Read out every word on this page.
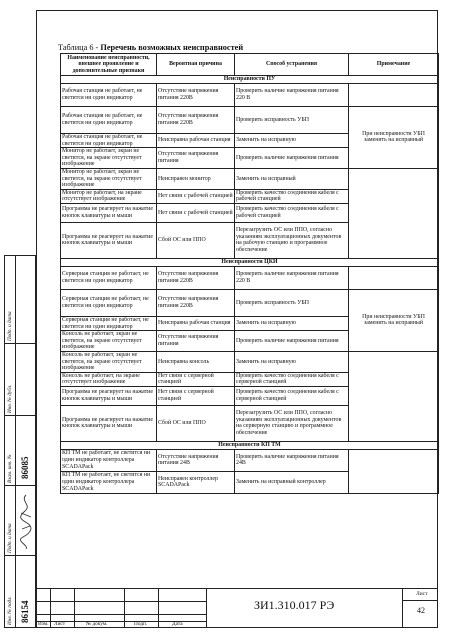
Таблица 6 - Перечень возможных неисправностей
Наименование неисправности, внешнее проявление и дополнительные признаки	Вероятная причина	Способ устранения	Примечание
Неисправности ПУ			
Рабочая станция не работает, не светится ни один индикатор	Отсутствие напряжения питания 220В	Проверить наличие напряжения питания 220 В	
Рабочая станция не работает, не светится ни один индикатор	Отсутствие напряжения питания 220В	Проверить исправность УБП	При неисправности УБП заменить на исправный
Рабочая станция не работает, не светится ни один индикатор	Неисправна рабочая станция	Заменить на исправную	
Монитор не работает, экран не светится, на экране отсутствует изображение	Отсутствие напряжения питания	Проверить наличие напряжения питания	
Монитор не работает, экран не светится, на экране отсутствует изображение	Неисправен монитор	Заменить на исправный	
Монитор не работает, на экране отсутствует изображение	Нет связи с рабочей станцией	Проверить качество соединения кабеля с рабочей станцией	
Программа не реагирует на нажатие кнопок клавиатуры и мыши	Нет связи с рабочей станцией	Проверить качество соединения кабеля с рабочей станцией	
Программа не реагирует на нажатие кнопок клавиатуры и мыши	Сбой ОС или ППО	Перезагрузить ОС или ППО, согласно указаниям эксплуатационных документов на рабочую станцию и программное обеспечение	
Неисправности ЦКИ			
Серверная станция не работает, не светится ни один индикатор	Отсутствие напряжения питания 220В	Проверить наличие напряжения питания 220 В	
Серверная станция не работает, не светится ни один индикатор	Отсутствие напряжения питания 220В	Проверить исправность УБП	При неисправности УБП заменить на исправный
Серверная станция не работает, не светится ни один индикатор	Неисправна рабочая станция	Заменить на исправную	
Консоль не работает, экран не светится, на экране отсутствует изображение	Отсутствие напряжения питания	Проверить наличие напряжения питания	
Консоль не работает, экран не светится, на экране отсутствует изображение	Неисправна консоль	Заменить на исправную	
Консоль не работает, на экране отсутствует изображение	Нет связи с серверной станцией	Проверить качество соединения кабеля с серверной станцией	
Программа не реагирует на нажатие кнопок клавиатуры и мыши	Нет связи с серверной станцией	Проверить качество соединения кабеля с серверной станцией	
Программа не реагирует на нажатие кнопок клавиатуры и мыши	Сбой ОС или ППО	Перезагрузить ОС или ППО, согласно указаниям эксплуатационных документов на серверную станцию и программное обеспечение	
Неисправности КП ТМ			
КП ТМ не работает, не светится ни один индикатор контроллера SCADAPack	Отсутствие напряжения питания 24В	Проверить наличие напряжения питания 24В	
КП ТМ не работает, не светится ни один индикатор контроллера SCADAPack	Неисправен контроллер SCADAPack	Заменить на исправный контроллер	
Подп. и дата
Инв. № дубл.
Взам. инв. №
Подп. и дата
Инв. № подл.
86085
86154
Изм. Лист	№ докум.	Подп.	Дата
ЗИ1.310.017 РЭ
Лист
42
